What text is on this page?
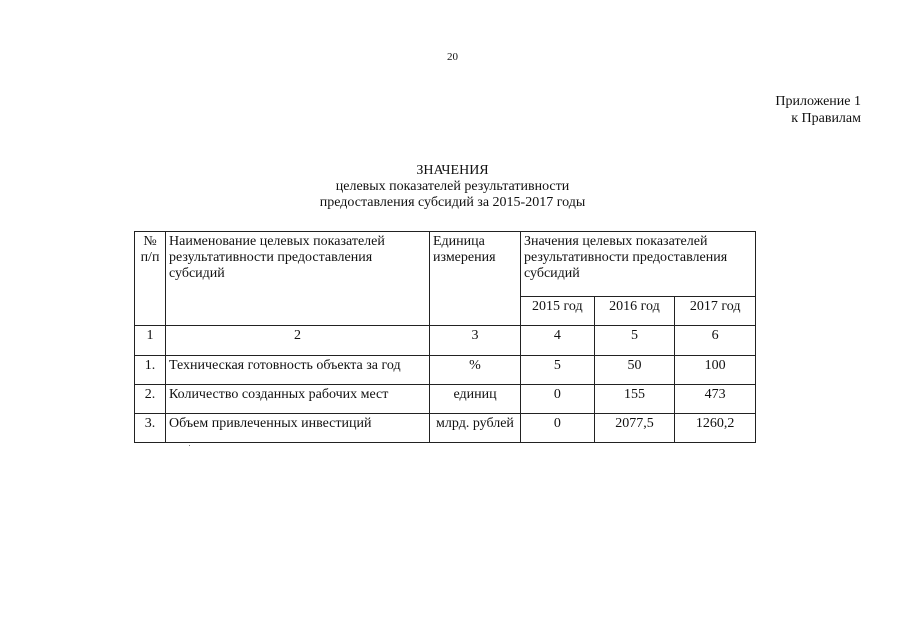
20
Приложение 1
к Правилам
ЗНАЧЕНИЯ
целевых показателей результативности
предоставления субсидий за 2015-2017 годы
№ п/п	Наименование целевых показателей результативности предоставления субсидий	Единица измерения	Значения целевых показателей результативности предоставления субсидий		
			2015 год	2016 год	2017 год
1	2	3	4	5	6
1.	Техническая готовность объекта за год	%	5	50	100
2.	Количество созданных рабочих мест	единиц	0	155	473
3.	Объем привлеченных инвестиций	млрд. рублей	0	2077,5	1260,2
